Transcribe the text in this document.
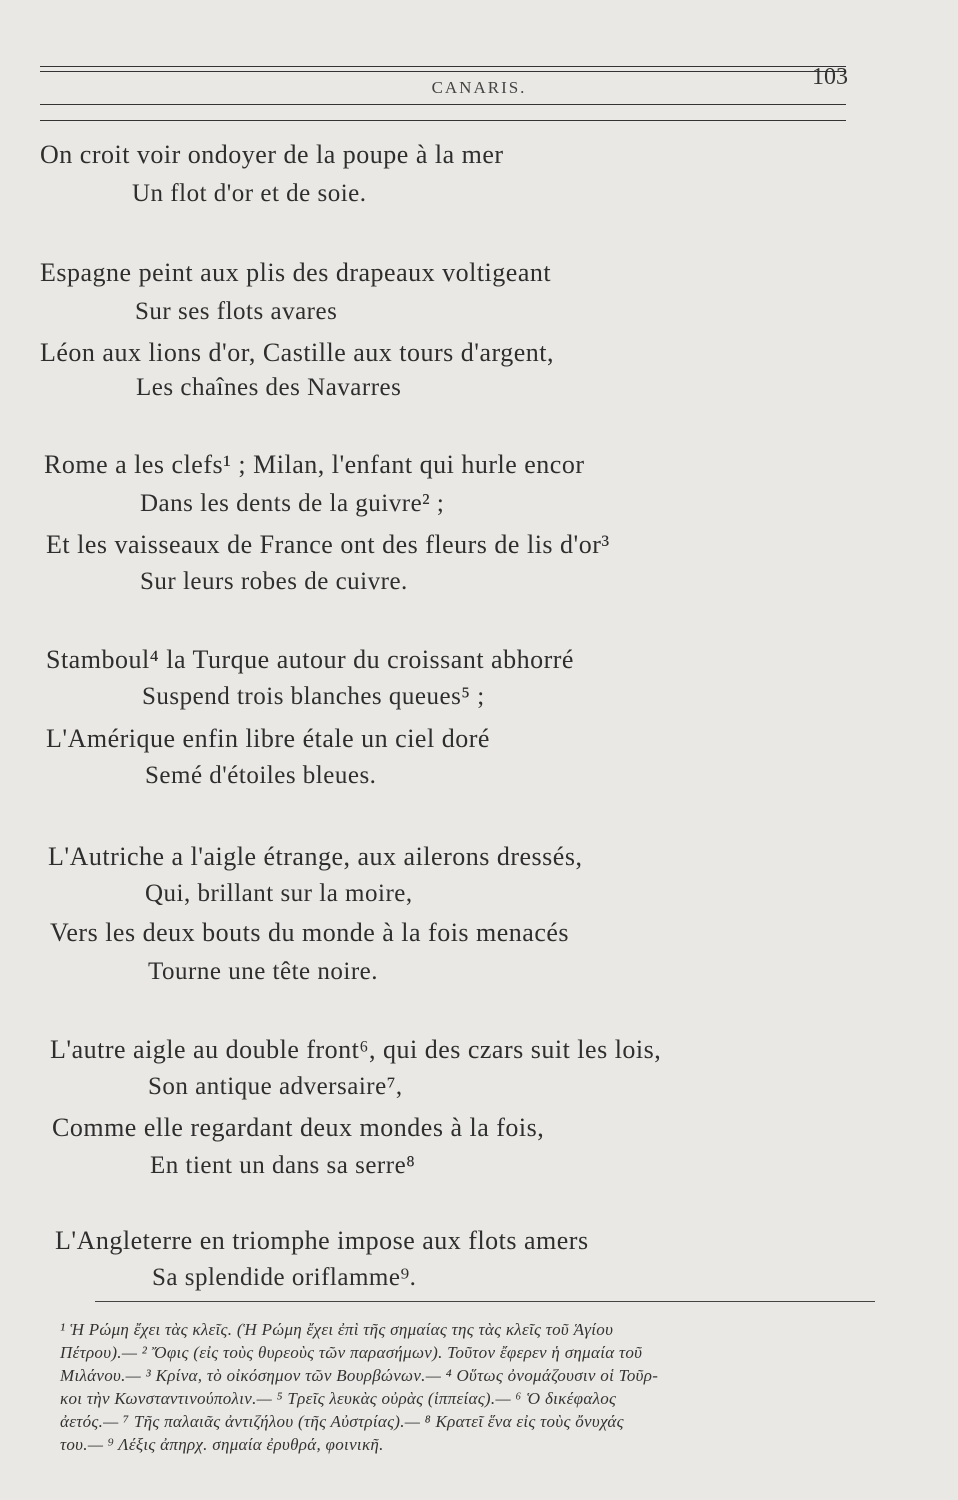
CANARIS.	103
On croit voir ondoyer de la poupe à la mer
Un flot d'or et de soie.
Espagne peint aux plis des drapeaux voltigeant
Sur ses flots avares
Léon aux lions d'or, Castille aux tours d'argent,
Les chaînes des Navarres
Rome a les clefs¹ ; Milan, l'enfant qui hurle encor
Dans les dents de la guivre² ;
Et les vaisseaux de France ont des fleurs de lis d'or³
Sur leurs robes de cuivre.
Stamboul⁴ la Turque autour du croissant abhorré
Suspend trois blanches queues⁵ ;
L'Amérique enfin libre étale un ciel doré
Semé d'étoiles bleues.
L'Autriche a l'aigle étrange, aux ailerons dressés,
Qui, brillant sur la moire,
Vers les deux bouts du monde à la fois menacés
Tourne une tête noire.
L'autre aigle au double front⁶, qui des czars suit les lois,
Son antique adversaire⁷,
Comme elle regardant deux mondes à la fois,
En tient un dans sa serre⁸
L'Angleterre en triomphe impose aux flots amers
Sa splendide oriflamme⁹.
¹ Ἡ Ρώμη ἔχει τὰς κλεῖς. (Ἡ Ρώμη ἔχει ἐπὶ τῆς σημαίας της τὰς κλεῖς τοῦ Ἁγίου
Πέτρου).— ² Ὄφις (εἰς τοὺς θυρεοὺς τῶν παρασήμων). Τοῦτον ἔφερεν ἡ σημαία τοῦ
Μιλάνου.— ³ Κρίνα, τὸ οἰκόσημον τῶν Βουρβώνων.— ⁴ Οὕτως ὀνομάζουσιν οἱ Τοῦρ-
κοι τὴν Κωνσταντινούπολιν.— ⁵ Τρεῖς λευκὰς οὐρὰς (ἱππείας).— ⁶ Ὁ δικέφαλος
ἀετός.— ⁷ Τῆς παλαιᾶς ἀντιζήλου (τῆς Αὐστρίας).— ⁸ Κρατεῖ ἕνα εἰς τοὺς ὄνυχάς
του.— ⁹ Λέξις ἀπηρχ. σημαία ἐρυθρά, φοινικῆ.
